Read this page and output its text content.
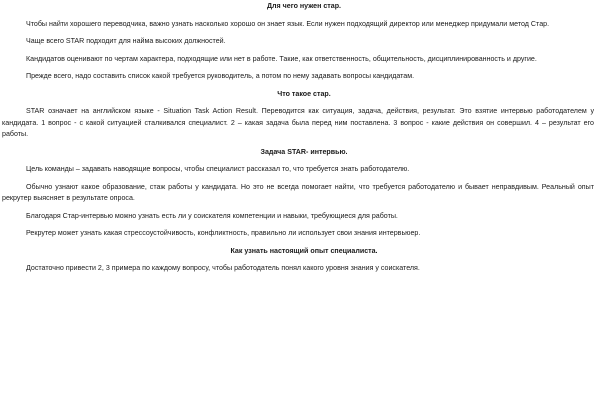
Для чего нужен стар.

Чтобы найти хорошего переводчика, важно узнать насколько хорошо он знает язык. Если нужен подходящий директор или менеджер придумали метод Стар.

Чаще всего STAR подходит для найма высоких должностей.

Кандидатов оценивают по чертам характера, подходящие или нет в работе. Такие, как ответственность, общительность, дисциплинированность и другие.

Прежде всего, надо составить список какой требуется руководитель, а потом по нему задавать вопросы кандидатам.

Что такое стар.

STAR означает на английском языке - Situation Task Action Result. Переводится как ситуация, задача, действия, результат. Это взятие интервью работодателем у кандидата. 1 вопрос - с какой ситуацией сталкивался специалист. 2 – какая задача была перед ним поставлена. 3 вопрос - какие действия он совершил. 4 – результат его работы.

Задача STAR- интервью.

Цель команды – задавать наводящие вопросы, чтобы специалист рассказал то, что требуется знать работодателю.

Обычно узнают какое образование, стаж работы у кандидата. Но это не всегда помогает найти, что требуется работодателю и бывает неправдивым. Реальный опыт рекрутер выясняет в результате опроса.

Благодаря Стар-интервью можно узнать есть ли у соискателя компетенции и навыки, требующиеся для работы.

Рекрутер может узнать какая стрессоустойчивость, конфликтность, правильно ли использует свои знания интервьюер.

Как узнать настоящий опыт специалиста.

Достаточно привести 2, 3 примера по каждому вопросу, чтобы работодатель понял какого уровня знания у соискателя.
